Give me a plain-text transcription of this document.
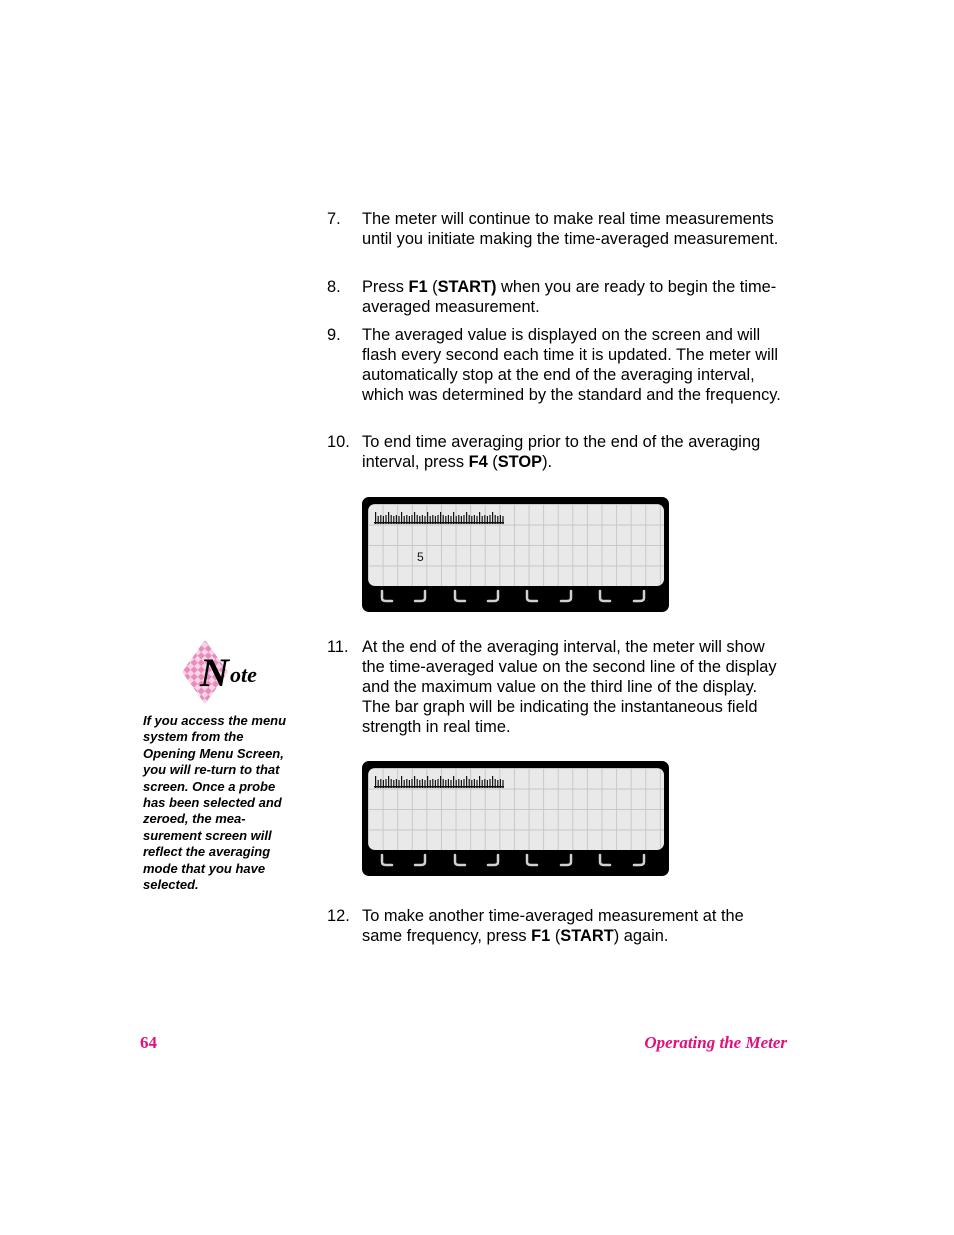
7. The meter will continue to make real time measurements until you initiate making the time-averaged measurement.
8. Press F1 (START) when you are ready to begin the time-averaged measurement.
9. The averaged value is displayed on the screen and will flash every second each time it is updated. The meter will automatically stop at the end of the averaging interval, which was determined by the standard and the frequency.
10. To end time averaging prior to the end of the averaging interval, press F4 (STOP).
5
11. At the end of the averaging interval, the meter will show the time-averaged value on the second line of the display and the maximum value on the third line of the display. The bar graph will be indicating the instantaneous field strength in real time.
12. To make another time-averaged measurement at the same frequency, press F1 (START) again.
N ote
If you access the menu system from the Opening Menu Screen, you will re-turn to that screen. Once a probe has been selected and zeroed, the mea-surement screen will reflect the averaging mode that you have selected.
64	Operating the Meter
